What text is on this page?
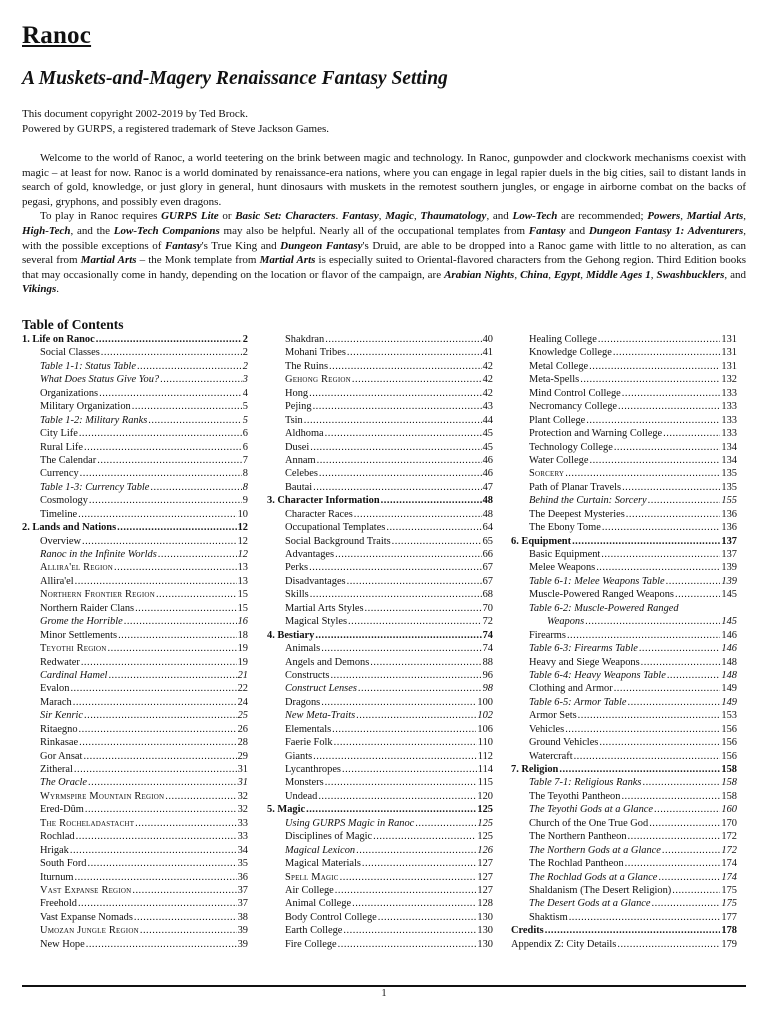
Ranoc
A Muskets-and-Magery Renaissance Fantasy Setting
This document copyright 2002-2019 by Ted Brock.
Powered by GURPS, a registered trademark of Steve Jackson Games.

Welcome to the world of Ranoc, a world teetering on the brink between magic and technology. In Ranoc, gunpowder and clockwork mechanisms coexist with magic – at least for now. Ranoc is a world dominated by renaissance-era nations, where you can engage in legal rapier duels in the big cities, sail to distant lands in search of gold, knowledge, or just glory in general, hunt dinosaurs with muskets in the remotest southern jungles, or engage in airborne combat on the backs of pegasi, gryphons, and possibly even dragons.

To play in Ranoc requires GURPS Lite or Basic Set: Characters. Fantasy, Magic, Thaumatology, and Low-Tech are recommended; Powers, Martial Arts, High-Tech, and the Low-Tech Companions may also be helpful. Nearly all of the occupational templates from Fantasy and Dungeon Fantasy 1: Adventurers, with the possible exceptions of Fantasy's True King and Dungeon Fantasy's Druid, are able to be dropped into a Ranoc game with little to no alteration, as can several from Martial Arts – the Monk template from Martial Arts is especially suited to Oriental-flavored characters from the Gehong region. Third Edition books that may occasionally come in handy, depending on the location or flavor of the campaign, are Arabian Nights, China, Egypt, Middle Ages 1, Swashbucklers, and Vikings.

Table of Contents
1. Life on Ranoc .....	2
Social Classes .....	2
Table 1-1: Status Table .....	2
What Does Status Give You? .....	3
Organizations .....	4
Military Organization .....	5
Table 1-2: Military Ranks .....	5
City Life .....	6
Rural Life .....	6
The Calendar .....	7
Currency .....	8
Table 1-3: Currency Table .....	8
Cosmology .....	9
Timeline .....	10
2. Lands and Nations .....	12
Overview .....	12
Ranoc in the Infinite Worlds .....	12
Allira'el Region .....	13
Allira'el .....	13
Northern Frontier Region .....	15
Northern Raider Clans .....	15
Grome the Horrible .....	16
Minor Settlements .....	18
Teyothi Region .....	19
Redwater .....	19
Cardinal Hamel .....	21
Evalon .....	22
Marach .....	24
Sir Kenric .....	25
Ritaegno .....	26
Rinkasae .....	28
Gor Ansat .....	29
Zitheral .....	31
The Oracle .....	31
Wyrmspire Mountain Region .....	32
Ered-Dûm .....	32
The Rocheladastacht .....	33
Rochlad .....	33
Hrigak .....	34
South Ford .....	35
Iturnum .....	36
Vast Expanse Region .....	37
Freehold .....	37
Vast Expanse Nomads .....	38
Umozan Jungle Region .....	39
New Hope .....	39
Shakdran .....	40
Mohani Tribes .....	41
The Ruins .....	42
Gehong Region .....	42
Hong .....	42
Pejing .....	43
Tsin .....	44
Aldhoma .....	45
Dusei .....	45
Annam .....	46
Celebes .....	46
Bautai .....	47
3. Character Information .....	48
Character Races .....	48
Occupational Templates .....	64
Social Background Traits .....	65
Advantages .....	66
Perks .....	67
Disadvantages .....	67
Skills .....	68
Martial Arts Styles .....	70
Magical Styles .....	72
4. Bestiary .....	74
Animals .....	74
Angels and Demons .....	88
Constructs .....	96
Construct Lenses .....	98
Dragons .....	100
New Meta-Traits .....	102
Elementals .....	106
Faerie Folk .....	110
Giants .....	112
Lycanthropes .....	114
Monsters .....	115
Undead .....	120
5. Magic .....	125
Using GURPS Magic in Ranoc .....	125
Disciplines of Magic .....	125
Magical Lexicon .....	126
Magical Materials .....	127
Spell Magic .....	127
Air College .....	127
Animal College .....	128
Body Control College .....	130
Earth College .....	130
Fire College .....	130
Healing College .....	131
Knowledge College .....	131
Metal College .....	131
Meta-Spells .....	132
Mind Control College .....	133
Necromancy College .....	133
Plant College .....	133
Protection and Warning College .....	133
Technology College .....	134
Water College .....	134
Sorcery .....	135
Path of Planar Travels .....	135
Behind the Curtain: Sorcery .....	155
The Deepest Mysteries .....	136
The Ebony Tome .....	136
6. Equipment .....	137
Basic Equipment .....	137
Melee Weapons .....	139
Table 6-1: Melee Weapons Table .....	139
Muscle-Powered Ranged Weapons .....	145
Table 6-2: Muscle-Powered Ranged
Weapons .....	145
Firearms .....	146
Table 6-3: Firearms Table .....	146
Heavy and Siege Weapons .....	148
Table 6-4: Heavy Weapons Table .....	148
Clothing and Armor .....	149
Table 6-5: Armor Table .....	149
Armor Sets .....	153
Vehicles .....	156
Ground Vehicles .....	156
Watercraft .....	156
7. Religion .....	158
Table 7-1: Religious Ranks .....	158
The Teyothi Pantheon .....	158
The Teyothi Gods at a Glance .....	160
Church of the One True God .....	170
The Northern Pantheon .....	172
The Northern Gods at a Glance .....	172
The Rochlad Pantheon .....	174
The Rochlad Gods at a Glance .....	174
Shaldanism (The Desert Religion) .....	175
The Desert Gods at a Glance .....	175
Shaktism .....	177
Credits .....	178
Appendix Z: City Details .....	179
1
